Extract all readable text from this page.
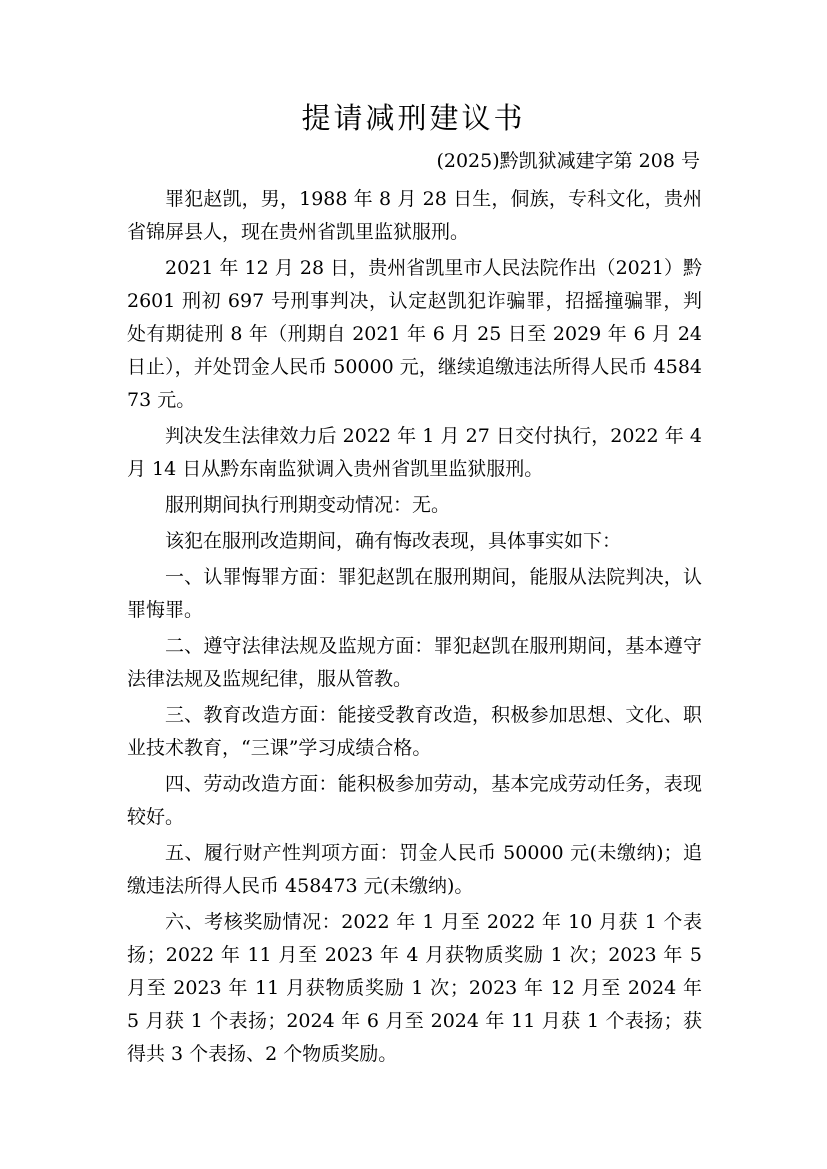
提请减刑建议书
(2025)黔凯狱减建字第 208 号

罪犯赵凯，男，1988 年 8 月 28 日生，侗族，专科文化，贵州省锦屏县人，现在贵州省凯里监狱服刑。

2021 年 12 月 28 日，贵州省凯里市人民法院作出（2021）黔 2601 刑初 697 号刑事判决，认定赵凯犯诈骗罪，招摇撞骗罪，判处有期徒刑 8 年（刑期自 2021 年 6 月 25 日至 2029 年 6 月 24 日止），并处罚金人民币 50000 元，继续追缴违法所得人民币 458473 元。

判决发生法律效力后 2022 年 1 月 27 日交付执行，2022 年 4 月 14 日从黔东南监狱调入贵州省凯里监狱服刑。

服刑期间执行刑期变动情况：无。

该犯在服刑改造期间，确有悔改表现，具体事实如下：

一、认罪悔罪方面：罪犯赵凯在服刑期间，能服从法院判决，认罪悔罪。

二、遵守法律法规及监规方面：罪犯赵凯在服刑期间，基本遵守法律法规及监规纪律，服从管教。

三、教育改造方面：能接受教育改造，积极参加思想、文化、职业技术教育，“三课”学习成绩合格。

四、劳动改造方面：能积极参加劳动，基本完成劳动任务，表现较好。

五、履行财产性判项方面：罚金人民币 50000 元(未缴纳)；追缴违法所得人民币 458473 元(未缴纳)。

六、考核奖励情况：2022 年 1 月至 2022 年 10 月获 1 个表扬；2022 年 11 月至 2023 年 4 月获物质奖励 1 次；2023 年 5 月至 2023 年 11 月获物质奖励 1 次；2023 年 12 月至 2024 年 5 月获 1 个表扬；2024 年 6 月至 2024 年 11 月获 1 个表扬；获得共 3 个表扬、2 个物质奖励。
